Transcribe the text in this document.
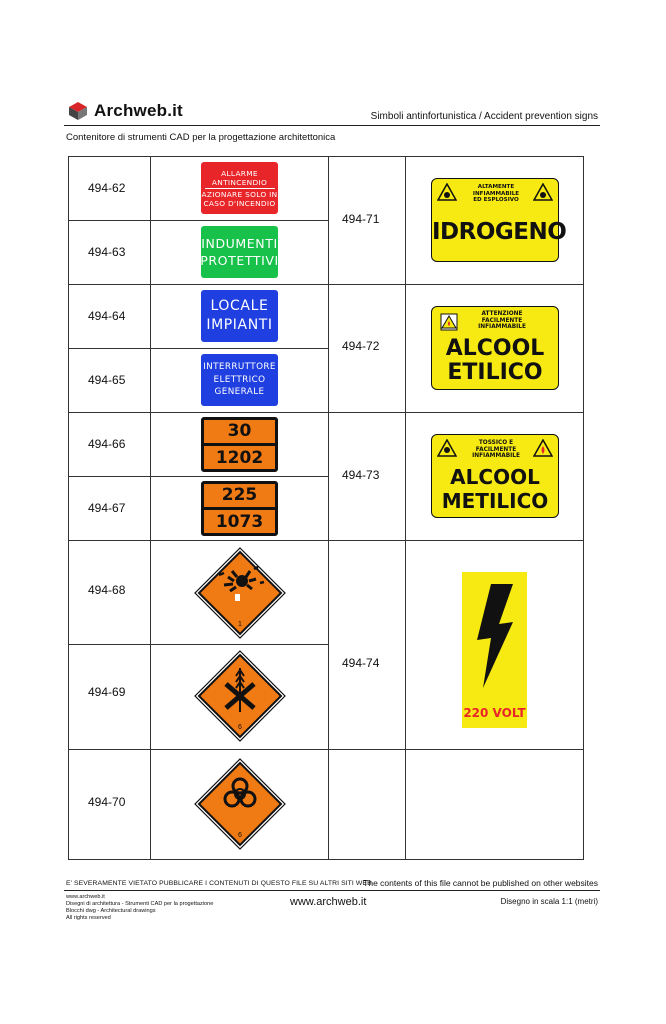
Archweb.it	Simboli antinfortunistica / Accident prevention signs
Contenitore di strumenti CAD per la progettazione architettonica
494-62
494-63
494-64
494-65
494-66
494-67
494-68
494-69
494-70
494-71
494-72
494-73
494-74
ALLARME
ANTINCENDIO
AZIONARE SOLO IN
CASO D'INCENDIO
INDUMENTI
PROTETTIVI
LOCALE
IMPIANTI
INTERRUTTORE
ELETTRICO
GENERALE
30
1202
225
1073
1
6
6
ALTAMENTE
INFIAMMABILE
ED ESPLOSIVO
IDROGENO
ATTENZIONE
FACILMENTE
INFIAMMABILE
ALCOOL
ETILICO
TOSSICO E
FACILMENTE
INFIAMMABILE
ALCOOL
METILICO
220 VOLT
E' SEVERAMENTE VIETATO PUBBLICARE I CONTENUTI DI QUESTO FILE SU ALTRI SITI WEB
The contents of this file cannot be published on other websites
www.archweb.it
Disegni di architettura - Strumenti CAD per la progettazione
Blocchi dwg - Architectural drawings
All rights reserved
www.archweb.it	Disegno in scala 1:1 (metri)
